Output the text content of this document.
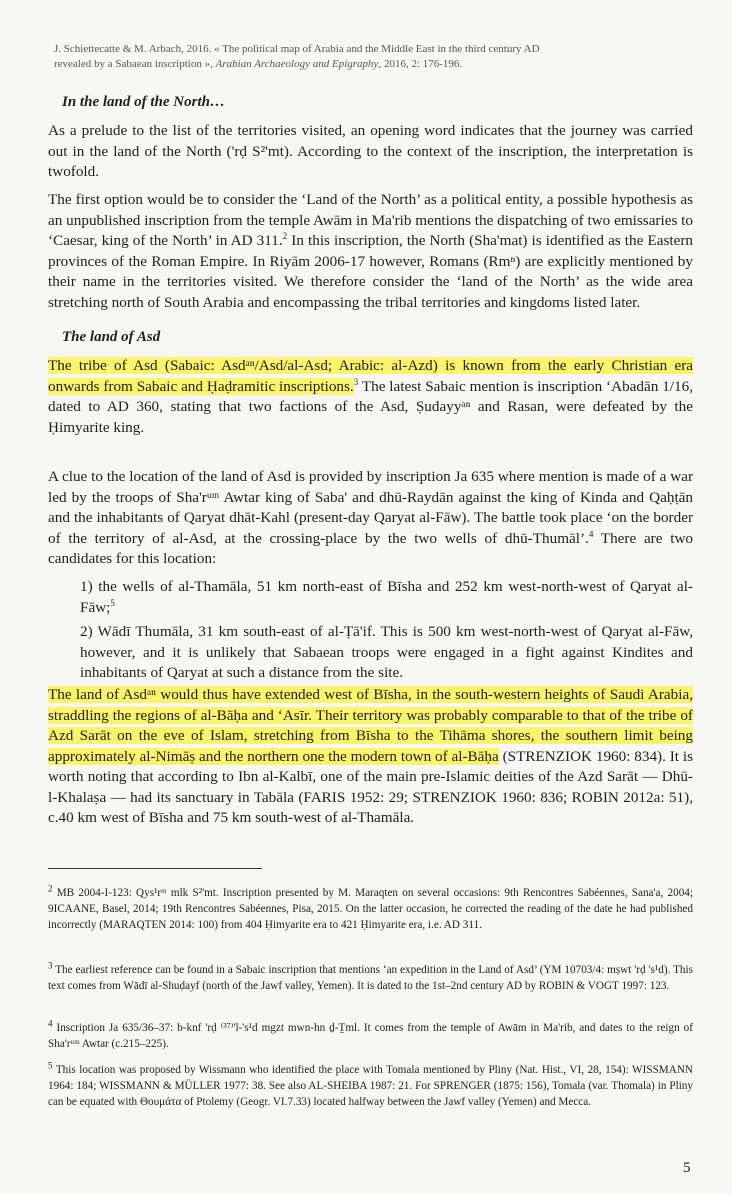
J. Schiettecatte & M. Arbach, 2016. « The political map of Arabia and the Middle East in the third century AD
revealed by a Sabaean inscription », Arabian Archaeology and Epigraphy, 2016, 2: 176-196.
In the land of the North…
As a prelude to the list of the territories visited, an opening word indicates that the journey was carried out in the land of the North ('rḍ S²'mt). According to the context of the inscription, the interpretation is twofold.
The first option would be to consider the ‘Land of the North’ as a political entity, a possible hypothesis as an unpublished inscription from the temple Awām in Ma'rib mentions the dispatching of two emissaries to ‘Caesar, king of the North’ in AD 311.$^2$ In this inscription, the North (Sha'mat) is identified as the Eastern provinces of the Roman Empire. In Riyām 2006-17 however, Romans (Rmⁿ) are explicitly mentioned by their name in the territories visited. We therefore consider the ‘land of the North’ as the wide area stretching north of South Arabia and encompassing the tribal territories and kingdoms listed later.
The land of Asd
The tribe of Asd (Sabaic: Asdᵃⁿ/Asd/al-Asd; Arabic: al-Azd) is known from the early Christian era onwards from Sabaic and Ḥaḍramitic inscriptions.$^3$ The latest Sabaic mention is inscription ‘Abadān 1/16, dated to AD 360, stating that two factions of the Asd, Ṣudayyᵃⁿ and Rasan, were defeated by the Ḥimyarite king.
A clue to the location of the land of Asd is provided by inscription Ja 635 where mention is made of a war led by the troops of Sha'rᵘᵐ Awtar king of Saba' and dhū-Raydān against the king of Kinda and Qaḥṭān and the inhabitants of Qaryat dhāt-Kahl (present-day Qaryat al-Fāw). The battle took place ‘on the border of the territory of al-Asd, at the crossing-place by the two wells of dhū-Thumāl’.$^4$ There are two candidates for this location:
1) the wells of al-Thamāla, 51 km north-east of Bīsha and 252 km west-north-west of Qaryat al-Fāw;$^5$
2) Wādī Thumāla, 31 km south-east of al-Ṭā'if. This is 500 km west-north-west of Qaryat al-Fāw, however, and it is unlikely that Sabaean troops were engaged in a fight against Kindites and inhabitants of Qaryat at such a distance from the site.
The land of Asdᵃⁿ would thus have extended west of Bīsha, in the south-western heights of Saudi Arabia, straddling the regions of al-Bāḥa and ‘Asīr. Their territory was probably comparable to that of the tribe of Azd Sarāt on the eve of Islam, stretching from Bīsha to the Tihāma shores, the southern limit being approximately al-Nimāṣ and the northern one the modern town of al-Bāḥa (STRENZIOK 1960: 834). It is worth noting that according to Ibn al-Kalbī, one of the main pre-Islamic deities of the Azd Sarāt — Dhū-l-Khalaṣa — had its sanctuary in Tabāla (FARIS 1952: 29; STRENZIOK 1960: 836; ROBIN 2012a: 51), c.40 km west of Bīsha and 75 km south-west of al-Thamāla.
$^2$ MB 2004-I-123: Qys¹rᵐ mlk S²'mt. Inscription presented by M. Maraqten on several occasions: 9th Rencontres Sabéennes, Sana'a, 2004; 9ICAANE, Basel, 2014; 19th Rencontres Sabéennes, Pisa, 2015. On the latter occasion, he corrected the reading of the date he had published incorrectly (MARAQTEN 2014: 100) from 404 Ḥimyarite era to 421 Ḥimyarite era, i.e. AD 311.
$^3$ The earliest reference can be found in a Sabaic inscription that mentions ‘an expedition in the Land of Asd’ (YM 10703/4: mṣwt 'rḍ 's¹d). This text comes from Wādī al-Shuḍayf (north of the Jawf valley, Yemen). It is dated to the 1st–2nd century AD by ROBIN & VOGT 1997: 123.
$^4$ Inscription Ja 635/36–37: b-knf 'rḍ ⁽³⁷⁾'l-'s¹d mgzt mwn-hn ḏ-Ṯml. It comes from the temple of Awām in Ma'rib, and dates to the reign of Sha'rᵘᵐ Awtar (c.215–225).
$^5$ This location was proposed by Wissmann who identified the place with Tomala mentioned by Pliny (Nat. Hist., VI, 28, 154): WISSMANN 1964: 184; WISSMANN & MÜLLER 1977: 38. See also AL-SHEIBA 1987: 21. For SPRENGER (1875: 156), Tomala (var. Thomala) in Pliny can be equated with Θουμάτα of Ptolemy (Geogr. VI.7.33) located halfway between the Jawf valley (Yemen) and Mecca.
5
